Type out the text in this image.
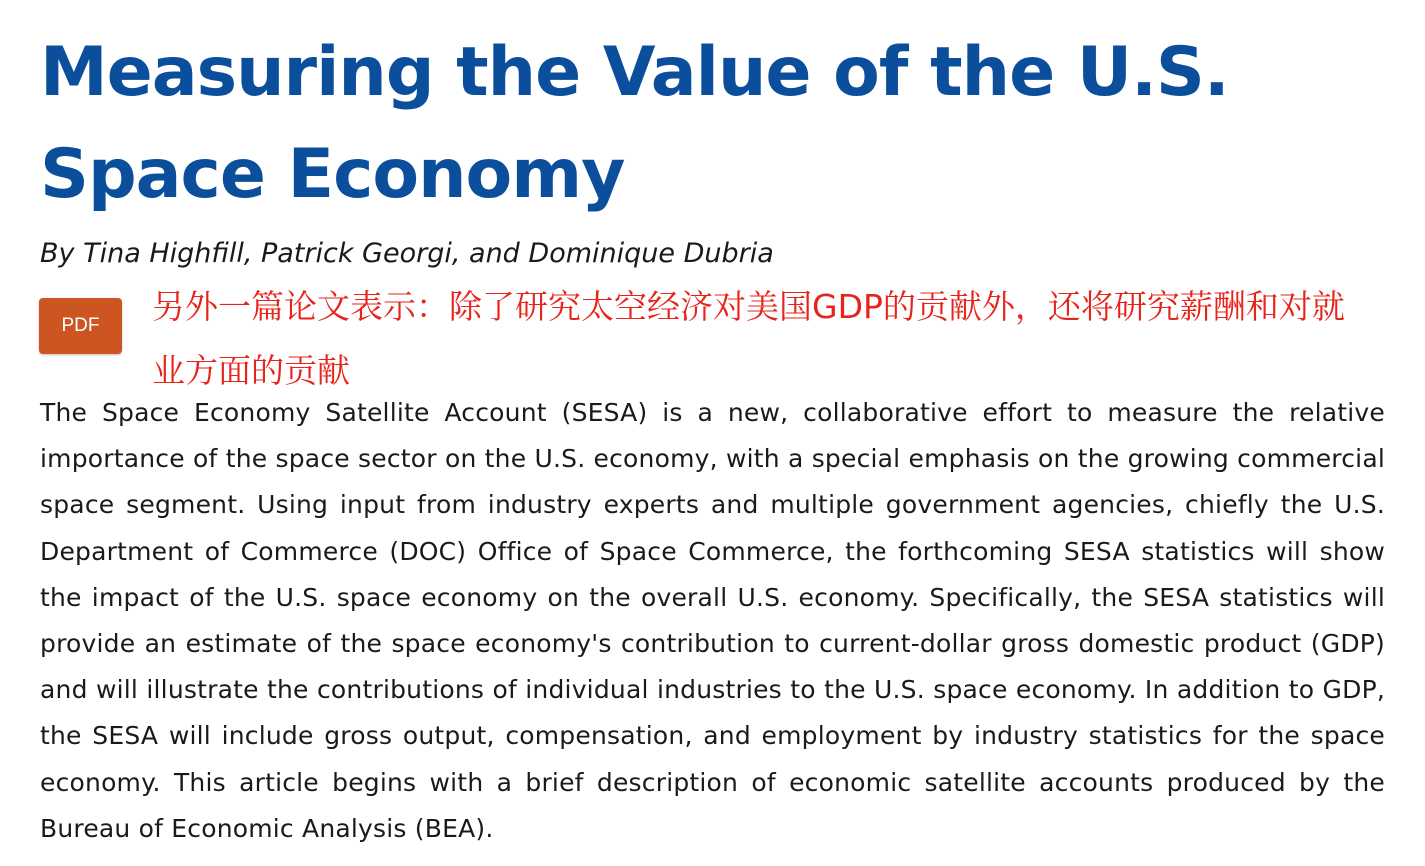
Measuring the Value of the U.S. Space Economy

By Tina Highfill, Patrick Georgi, and Dominique Dubria

PDF	另外一篇论文表示：除了研究太空经济对美国GDP的贡献外，还将研究薪酬和对就业方面的贡献

The Space Economy Satellite Account (SESA) is a new, collaborative effort to measure the relative importance of the space sector on the U.S. economy, with a special emphasis on the growing commercial space segment. Using input from industry experts and multiple government agencies, chiefly the U.S. Department of Commerce (DOC) Office of Space Commerce, the forthcoming SESA statistics will show the impact of the U.S. space economy on the overall U.S. economy. Specifically, the SESA statistics will provide an estimate of the space economy's contribution to current-dollar gross domestic product (GDP) and will illustrate the contributions of individual industries to the U.S. space economy. In addition to GDP, the SESA will include gross output, compensation, and employment by industry statistics for the space economy. This article begins with a brief description of economic satellite accounts produced by the Bureau of Economic Analysis (BEA).
